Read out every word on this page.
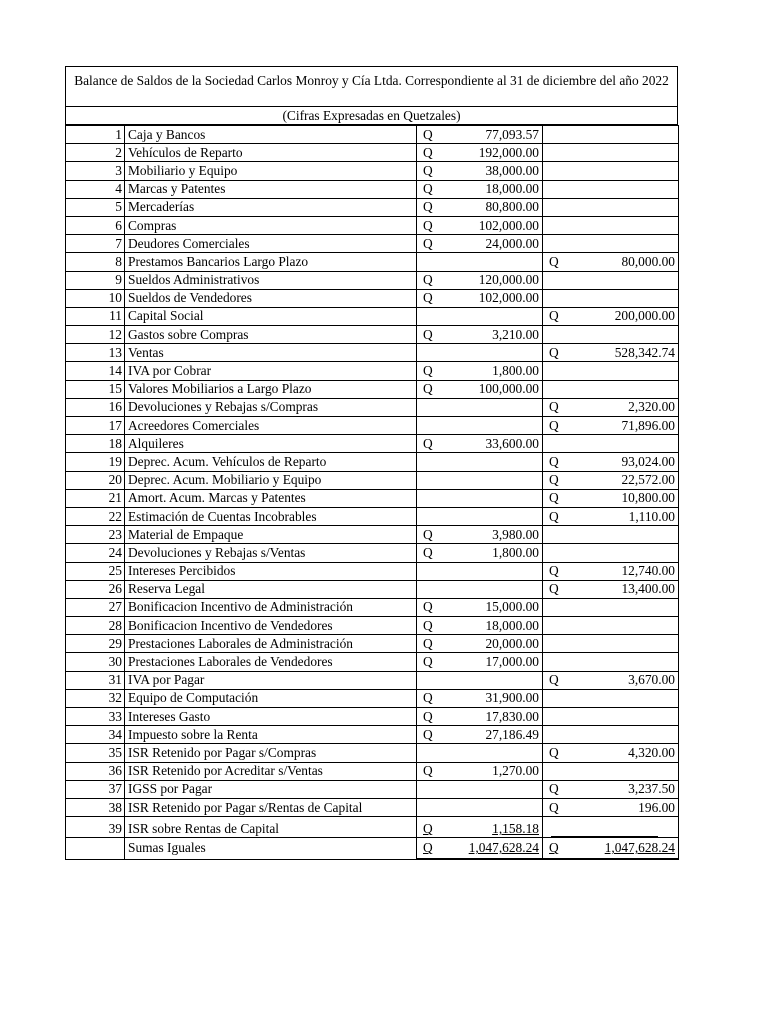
Balance de Saldos de la Sociedad Carlos Monroy y Cía Ltda. Correspondiente al 31 de diciembre del año 2022
(Cifras Expresadas en Quetzales)
1	Caja y Bancos	Q 77,093.57	

2	Vehículos de Reparto	Q 192,000.00	

3	Mobiliario y Equipo	Q 38,000.00	

4	Marcas y Patentes	Q 18,000.00	

5	Mercaderías	Q 80,800.00	

6	Compras	Q 102,000.00	

7	Deudores Comerciales	Q 24,000.00	

8	Prestamos Bancarios Largo Plazo		Q 80,000.00

9	Sueldos Administrativos	Q 120,000.00	

10	Sueldos de Vendedores	Q 102,000.00	

11	Capital Social		Q 200,000.00

12	Gastos sobre Compras	Q 3,210.00	

13	Ventas		Q 528,342.74

14	IVA por Cobrar	Q 1,800.00	

15	Valores Mobiliarios a Largo Plazo	Q 100,000.00	

16	Devoluciones y Rebajas s/Compras		Q 2,320.00

17	Acreedores Comerciales		Q 71,896.00

18	Alquileres	Q 33,600.00	

19	Deprec. Acum. Vehículos de Reparto		Q 93,024.00

20	Deprec. Acum. Mobiliario y Equipo		Q 22,572.00

21	Amort. Acum. Marcas y Patentes		Q 10,800.00

22	Estimación de Cuentas Incobrables		Q 1,110.00

23	Material de Empaque	Q 3,980.00	

24	Devoluciones y Rebajas s/Ventas	Q 1,800.00	

25	Intereses Percibidos		Q 12,740.00

26	Reserva Legal		Q 13,400.00

27	Bonificacion Incentivo de Administración	Q 15,000.00	

28	Bonificacion Incentivo de Vendedores	Q 18,000.00	

29	Prestaciones Laborales de Administración	Q 20,000.00	

30	Prestaciones Laborales de Vendedores	Q 17,000.00	

31	IVA por Pagar		Q 3,670.00

32	Equipo de Computación	Q 31,900.00	

33	Intereses Gasto	Q 17,830.00	

34	Impuesto sobre la Renta	Q 27,186.49	

35	ISR Retenido por Pagar s/Compras		Q 4,320.00

36	ISR Retenido por Acreditar s/Ventas	Q 1,270.00	

37	IGSS por Pagar		Q 3,237.50

38	ISR Retenido por Pagar s/Rentas de Capital		Q 196.00

39	ISR sobre Rentas de Capital	Q 1,158.18	

	Sumas Iguales	Q 1,047,628.24	Q 1,047,628.24
